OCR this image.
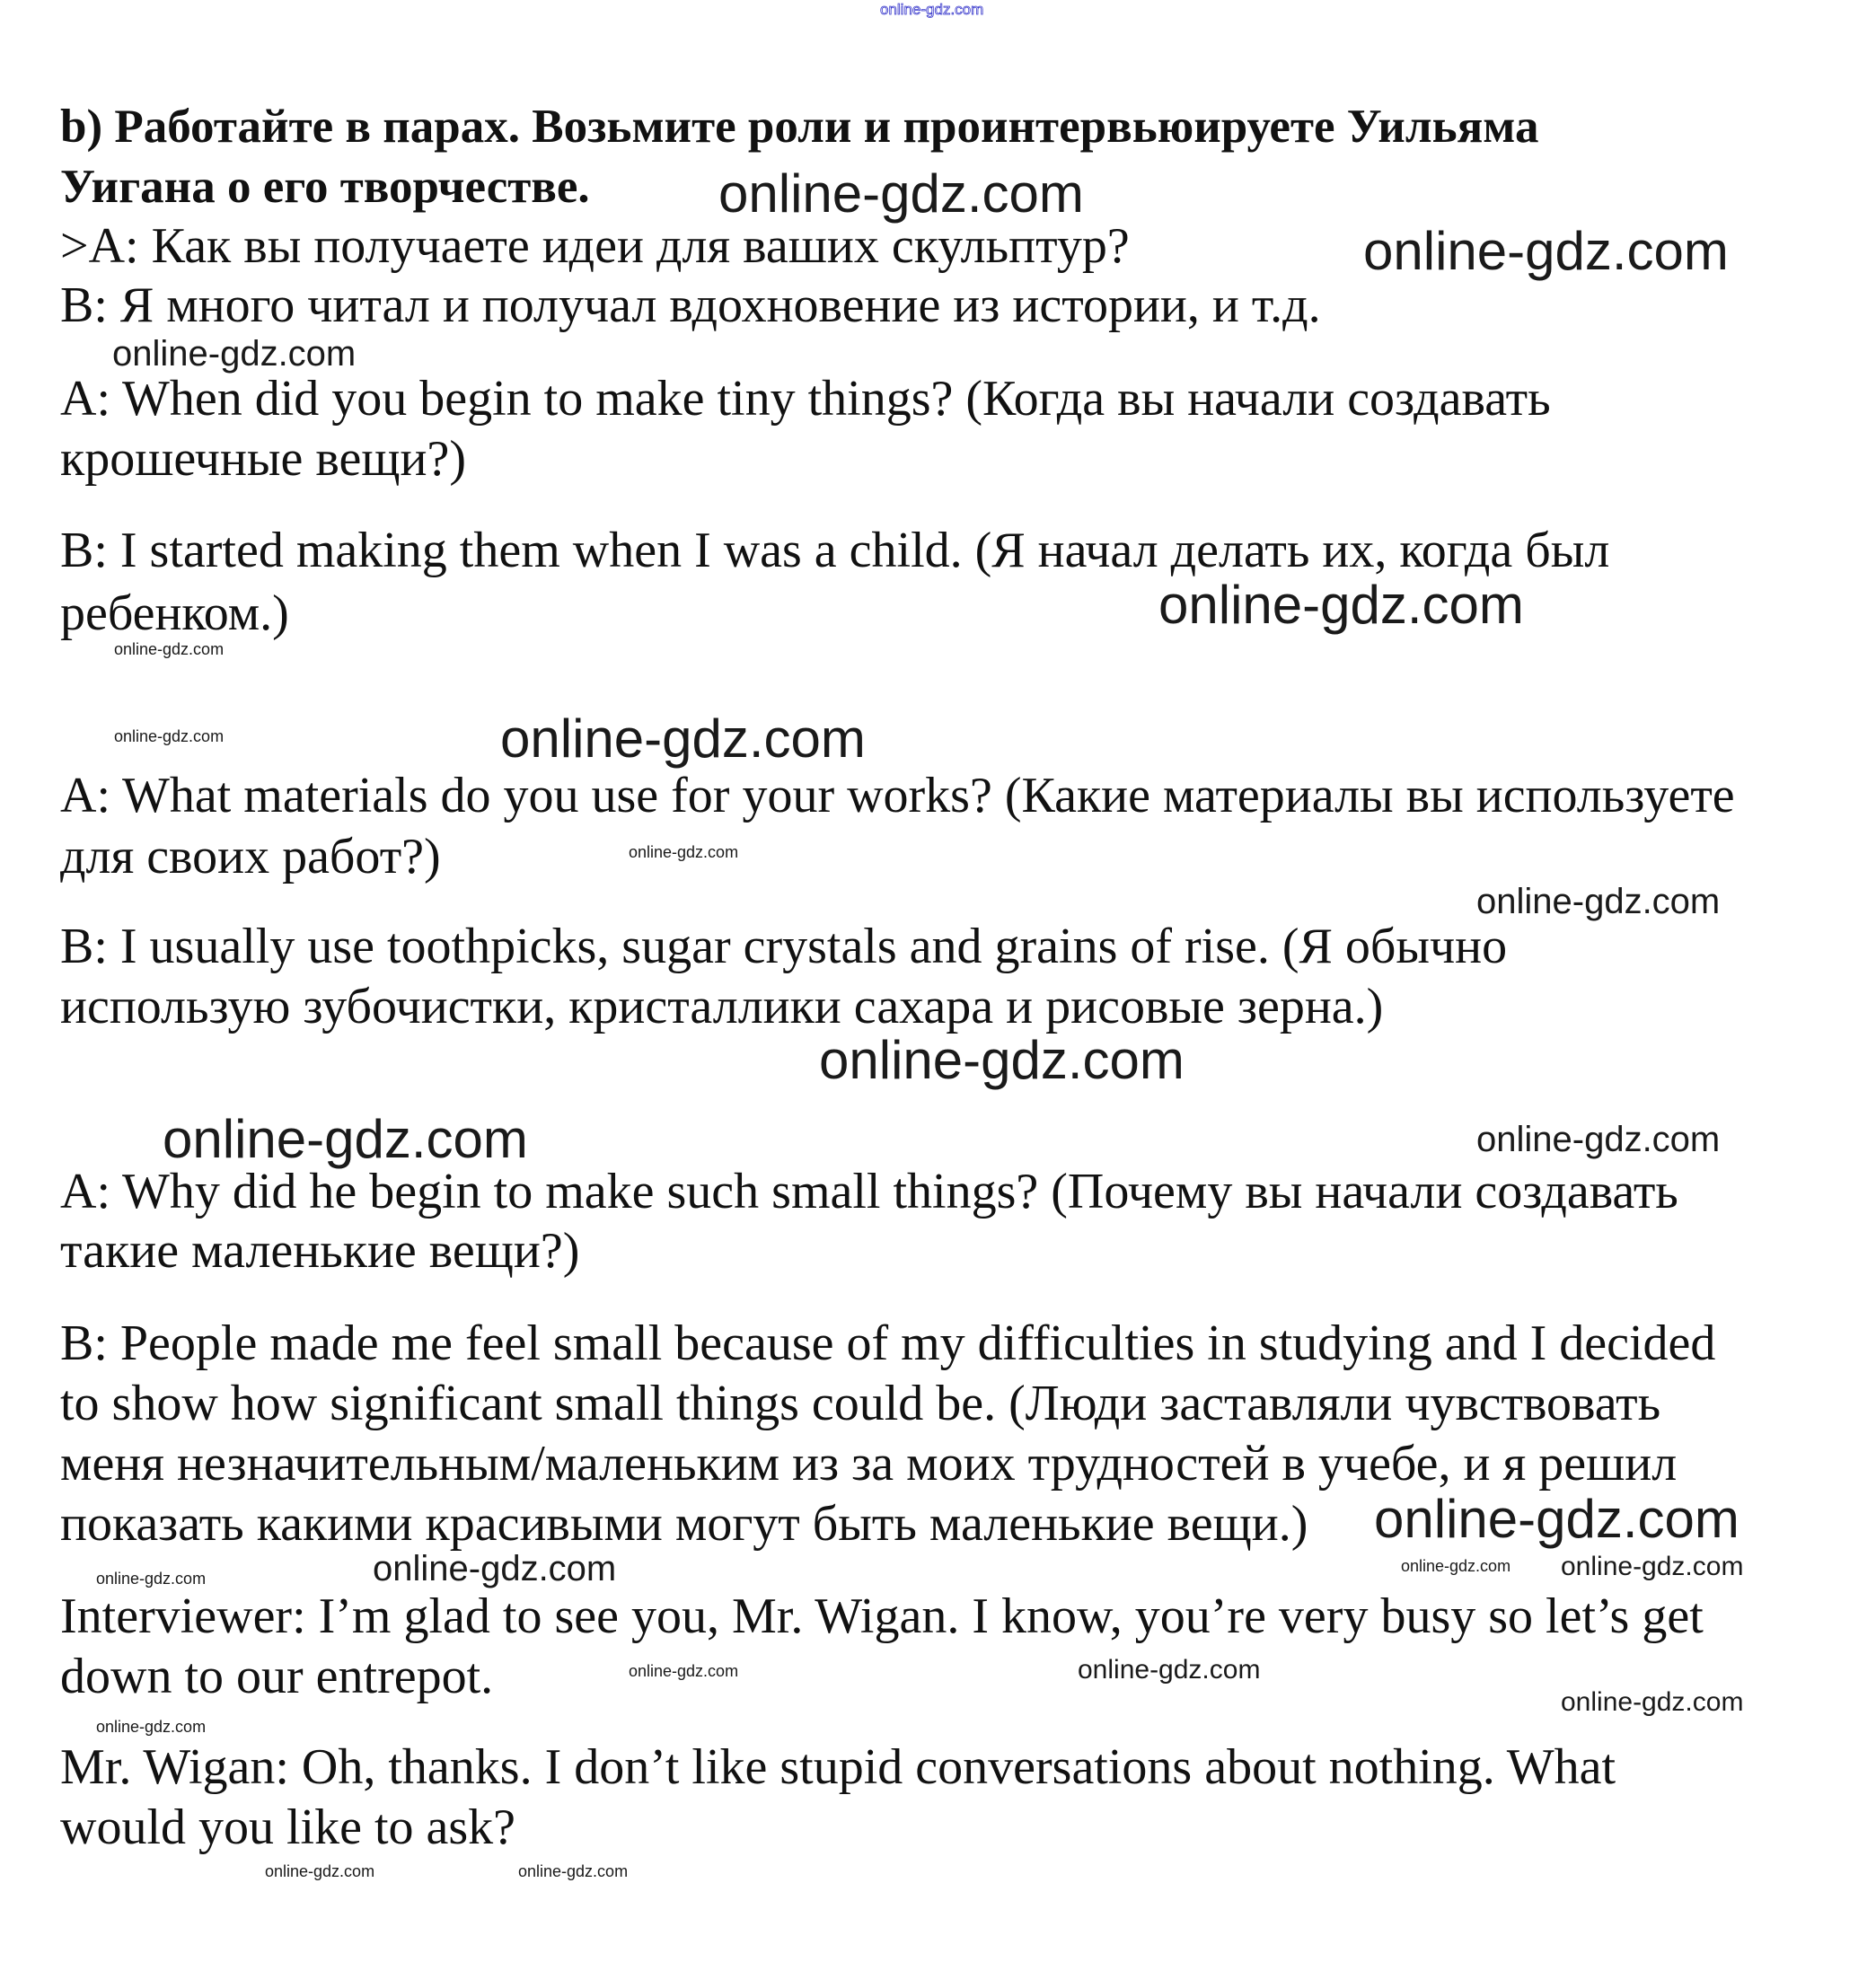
online-gdz.com
b) Работайте в парах. Возьмите роли и проинтервьюируете Уильяма
Уигана о его творчестве.
>A: Как вы получаете идеи для ваших скульптур?
B: Я много читал и получал вдохновение из истории, и т.д.
A: When did you begin to make tiny things? (Когда вы начали создавать
крошечные вещи?)
B: I started making them when I was a child. (Я начал делать их, когда был
ребенком.)
A: What materials do you use for your works? (Какие материалы вы используете
для своих работ?)
B: I usually use toothpicks, sugar crystals and grains of rise. (Я обычно
использую зубочистки, кристаллики сахара и рисовые зерна.)
A: Why did he begin to make such small things? (Почему вы начали создавать
такие маленькие вещи?)
B: People made me feel small because of my difficulties in studying and I decided
to show how significant small things could be. (Люди заставляли чувствовать
меня незначительным/маленьким из за моих трудностей в учебе, и я решил
показать какими красивыми могут быть маленькие вещи.)
Interviewer: I’m glad to see you, Mr. Wigan. I know, you’re very busy so let’s get
down to our entrepot.
Mr. Wigan: Oh, thanks. I don’t like stupid conversations about nothing. What
would you like to ask?
online-gdz.com
online-gdz.com
online-gdz.com
online-gdz.com
online-gdz.com
online-gdz.com
online-gdz.com
online-gdz.com
online-gdz.com
online-gdz.com
online-gdz.com
online-gdz.com
online-gdz.com
online-gdz.com
online-gdz.com
online-gdz.com
online-gdz.com
online-gdz.com
online-gdz.com
online-gdz.com
online-gdz.com
online-gdz.com	online-gdz.com
